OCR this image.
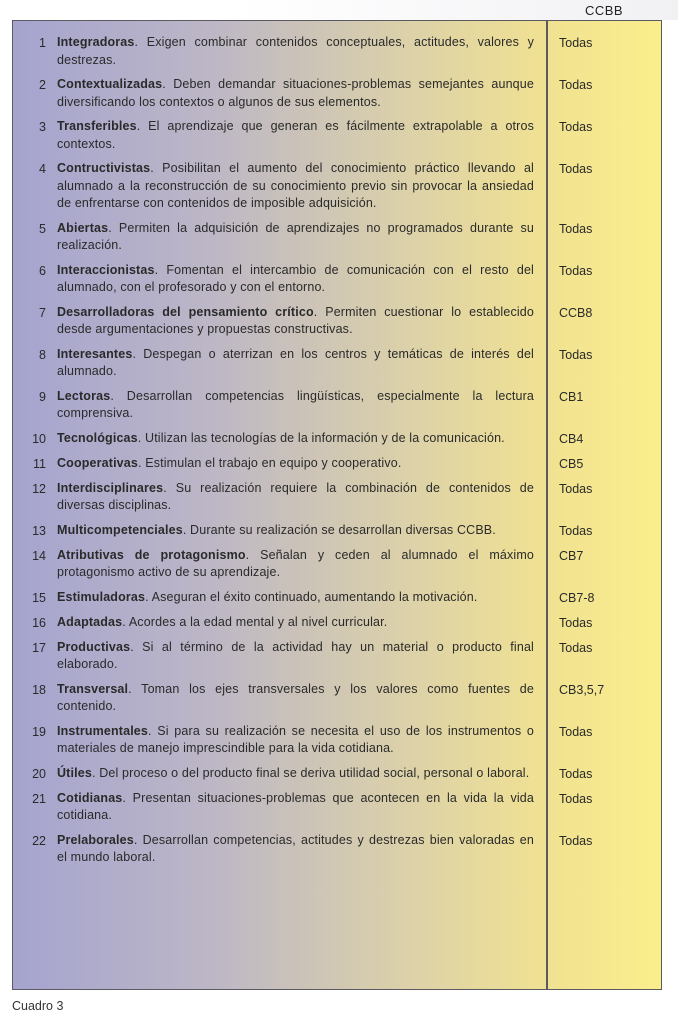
CCBB
1 Integradoras. Exigen combinar contenidos conceptuales, actitudes, valores y destrezas.
Todas
2 Contextualizadas. Deben demandar situaciones-problemas semejantes aunque diversificando los contextos o algunos de sus elementos.
Todas
3 Transferibles. El aprendizaje que generan es fácilmente extrapolable a otros contextos.
Todas
4 Contructivistas. Posibilitan el aumento del conocimiento práctico llevando al alumnado a la reconstrucción de su conocimiento previo sin provocar la ansiedad de enfrentarse con contenidos de imposible adquisición.
Todas
5 Abiertas. Permiten la adquisición de aprendizajes no programados durante su realización.
Todas
6 Interaccionistas. Fomentan el intercambio de comunicación con el resto del alumnado, con el profesorado y con el entorno.
Todas
7 Desarrolladoras del pensamiento crítico. Permiten cuestionar lo establecido desde argumentaciones y propuestas constructivas.
CCB8
8 Interesantes. Despegan o aterrizan en los centros y temáticas de interés del alumnado.
Todas
9 Lectoras. Desarrollan competencias lingüísticas, especialmente la lectura comprensiva.
CB1
10 Tecnológicas. Utilizan las tecnologías de la información y de la comunicación.	CB4
11 Cooperativas. Estimulan el trabajo en equipo y cooperativo.	CB5
12 Interdisciplinares. Su realización requiere la combinación de contenidos de diversas disciplinas.
Todas
13 Multicompetenciales. Durante su realización se desarrollan diversas CCBB.	Todas
14 Atributivas de protagonismo. Señalan y ceden al alumnado el máximo protagonismo activo de su aprendizaje.
CB7
15 Estimuladoras. Aseguran el éxito continuado, aumentando la motivación.	CB7-8
16 Adaptadas. Acordes a la edad mental y al nivel curricular.	Todas
17 Productivas. Si al término de la actividad hay un material o producto final elaborado.
Todas
18 Transversal. Toman los ejes transversales y los valores como fuentes de contenido.
CB3,5,7
19 Instrumentales. Si para su realización se necesita el uso de los instrumentos o materiales de manejo imprescindible para la vida cotidiana.
Todas
20 Útiles. Del proceso o del producto final se deriva utilidad social, personal o laboral.	Todas
21 Cotidianas. Presentan situaciones-problemas que acontecen en la vida la vida cotidiana.
Todas
22 Prelaborales. Desarrollan competencias, actitudes y destrezas bien valoradas en el mundo laboral.
Todas
Cuadro 3
